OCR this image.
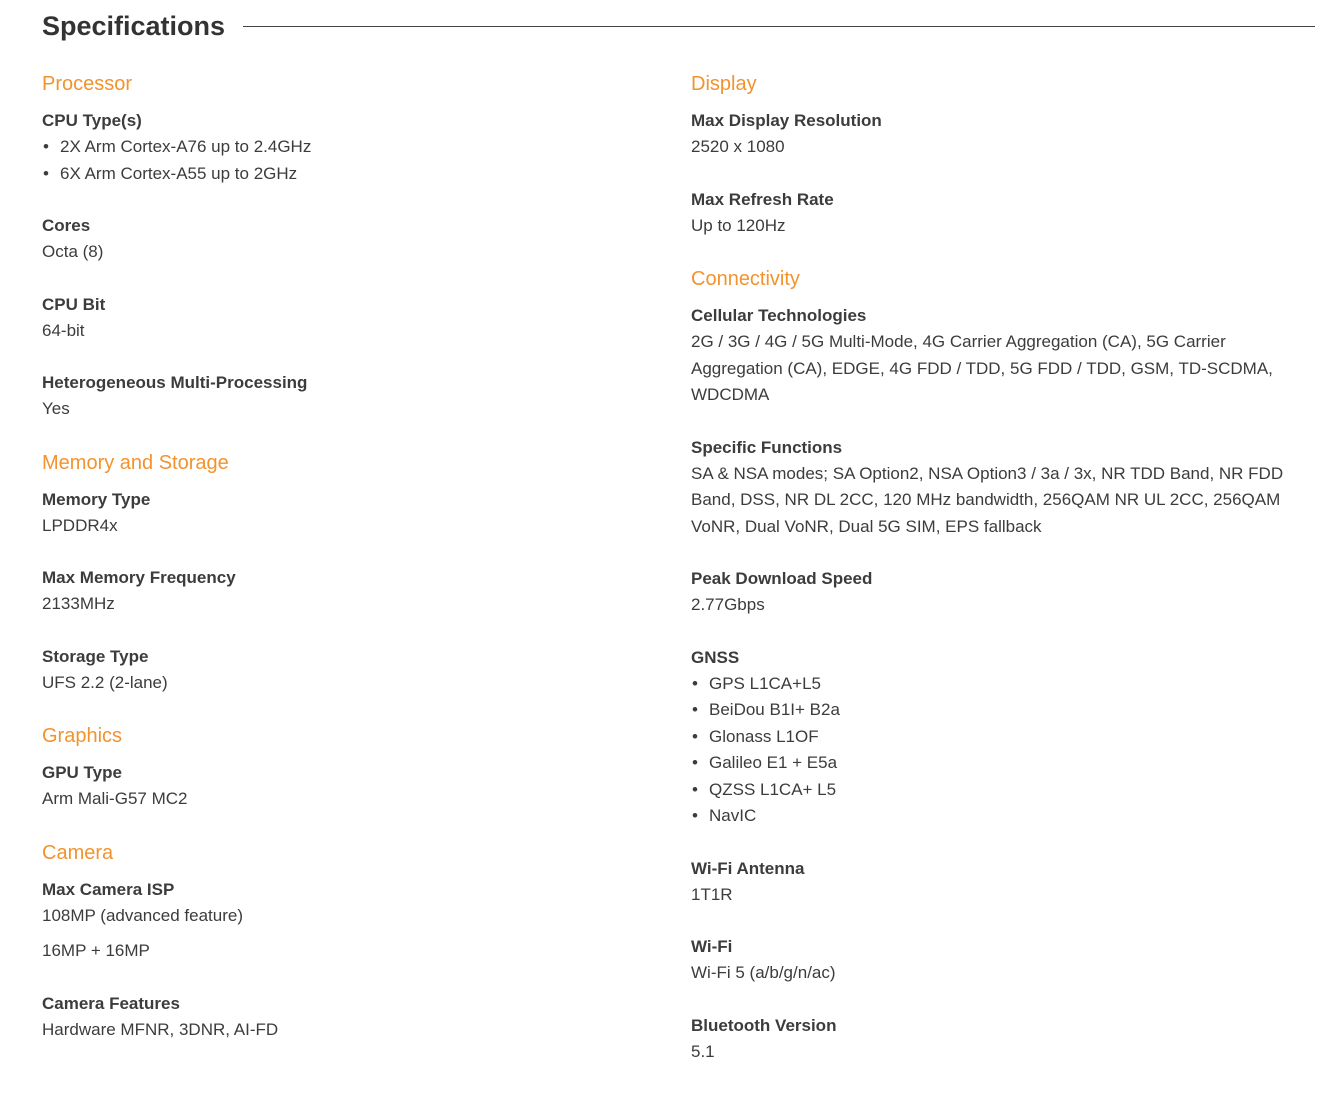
Specifications
Processor
CPU Type(s)
• 2X Arm Cortex-A76 up to 2.4GHz
• 6X Arm Cortex-A55 up to 2GHz
Cores
Octa (8)
CPU Bit
64-bit
Heterogeneous Multi-Processing
Yes
Memory and Storage
Memory Type
LPDDR4x
Max Memory Frequency
2133MHz
Storage Type
UFS 2.2 (2-lane)
Graphics
GPU Type
Arm Mali-G57 MC2
Camera
Max Camera ISP
108MP (advanced feature)
16MP + 16MP
Camera Features
Hardware MFNR, 3DNR, AI-FD
Display
Max Display Resolution
2520 x 1080
Max Refresh Rate
Up to 120Hz
Connectivity
Cellular Technologies
2G / 3G / 4G / 5G Multi-Mode, 4G Carrier Aggregation (CA), 5G Carrier Aggregation (CA), EDGE, 4G FDD / TDD, 5G FDD / TDD, GSM, TD-SCDMA, WDCDMA
Specific Functions
SA & NSA modes; SA Option2, NSA Option3 / 3a / 3x, NR TDD Band, NR FDD Band, DSS, NR DL 2CC, 120 MHz bandwidth, 256QAM NR UL 2CC, 256QAM VoNR, Dual VoNR, Dual 5G SIM, EPS fallback
Peak Download Speed
2.77Gbps
GNSS
• GPS L1CA+L5
• BeiDou B1I+ B2a
• Glonass L1OF
• Galileo E1 + E5a
• QZSS L1CA+ L5
• NavIC
Wi-Fi Antenna
1T1R
Wi-Fi
Wi-Fi 5 (a/b/g/n/ac)
Bluetooth Version
5.1
